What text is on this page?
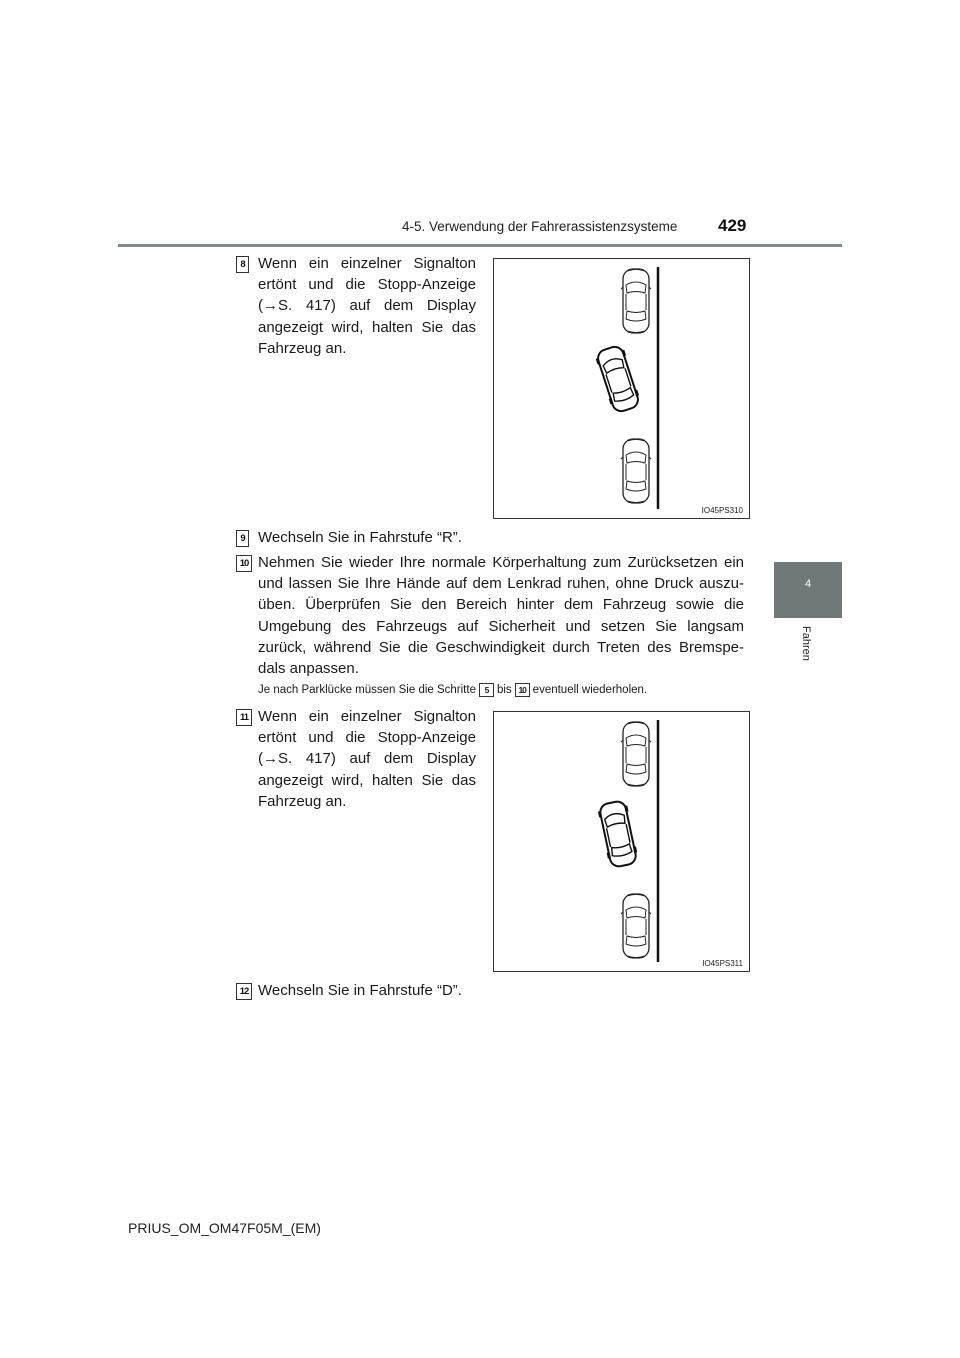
4-5. Verwendung der Fahrerassistenzsysteme 429
4
Fahren
8 Wenn ein einzelner Signalton ertönt und die Stopp-Anzeige (→S. 417) auf dem Display angezeigt wird, halten Sie das Fahrzeug an.
IO45PS310
9 Wechseln Sie in Fahrstufe “R”.
10 Nehmen Sie wieder Ihre normale Körperhaltung zum Zurücksetzen ein und lassen Sie Ihre Hände auf dem Lenkrad ruhen, ohne Druck auszu-üben. Überprüfen Sie den Bereich hinter dem Fahrzeug sowie die Umgebung des Fahrzeugs auf Sicherheit und setzen Sie langsam zurück, während Sie die Geschwindigkeit durch Treten des Bremspe-dals anpassen.
Je nach Parklücke müssen Sie die Schritte 5 bis 10 eventuell wiederholen.
11 Wenn ein einzelner Signalton ertönt und die Stopp-Anzeige (→S. 417) auf dem Display angezeigt wird, halten Sie das Fahrzeug an.
IO45PS311
12 Wechseln Sie in Fahrstufe “D”.
PRIUS_OM_OM47F05M_(EM)
